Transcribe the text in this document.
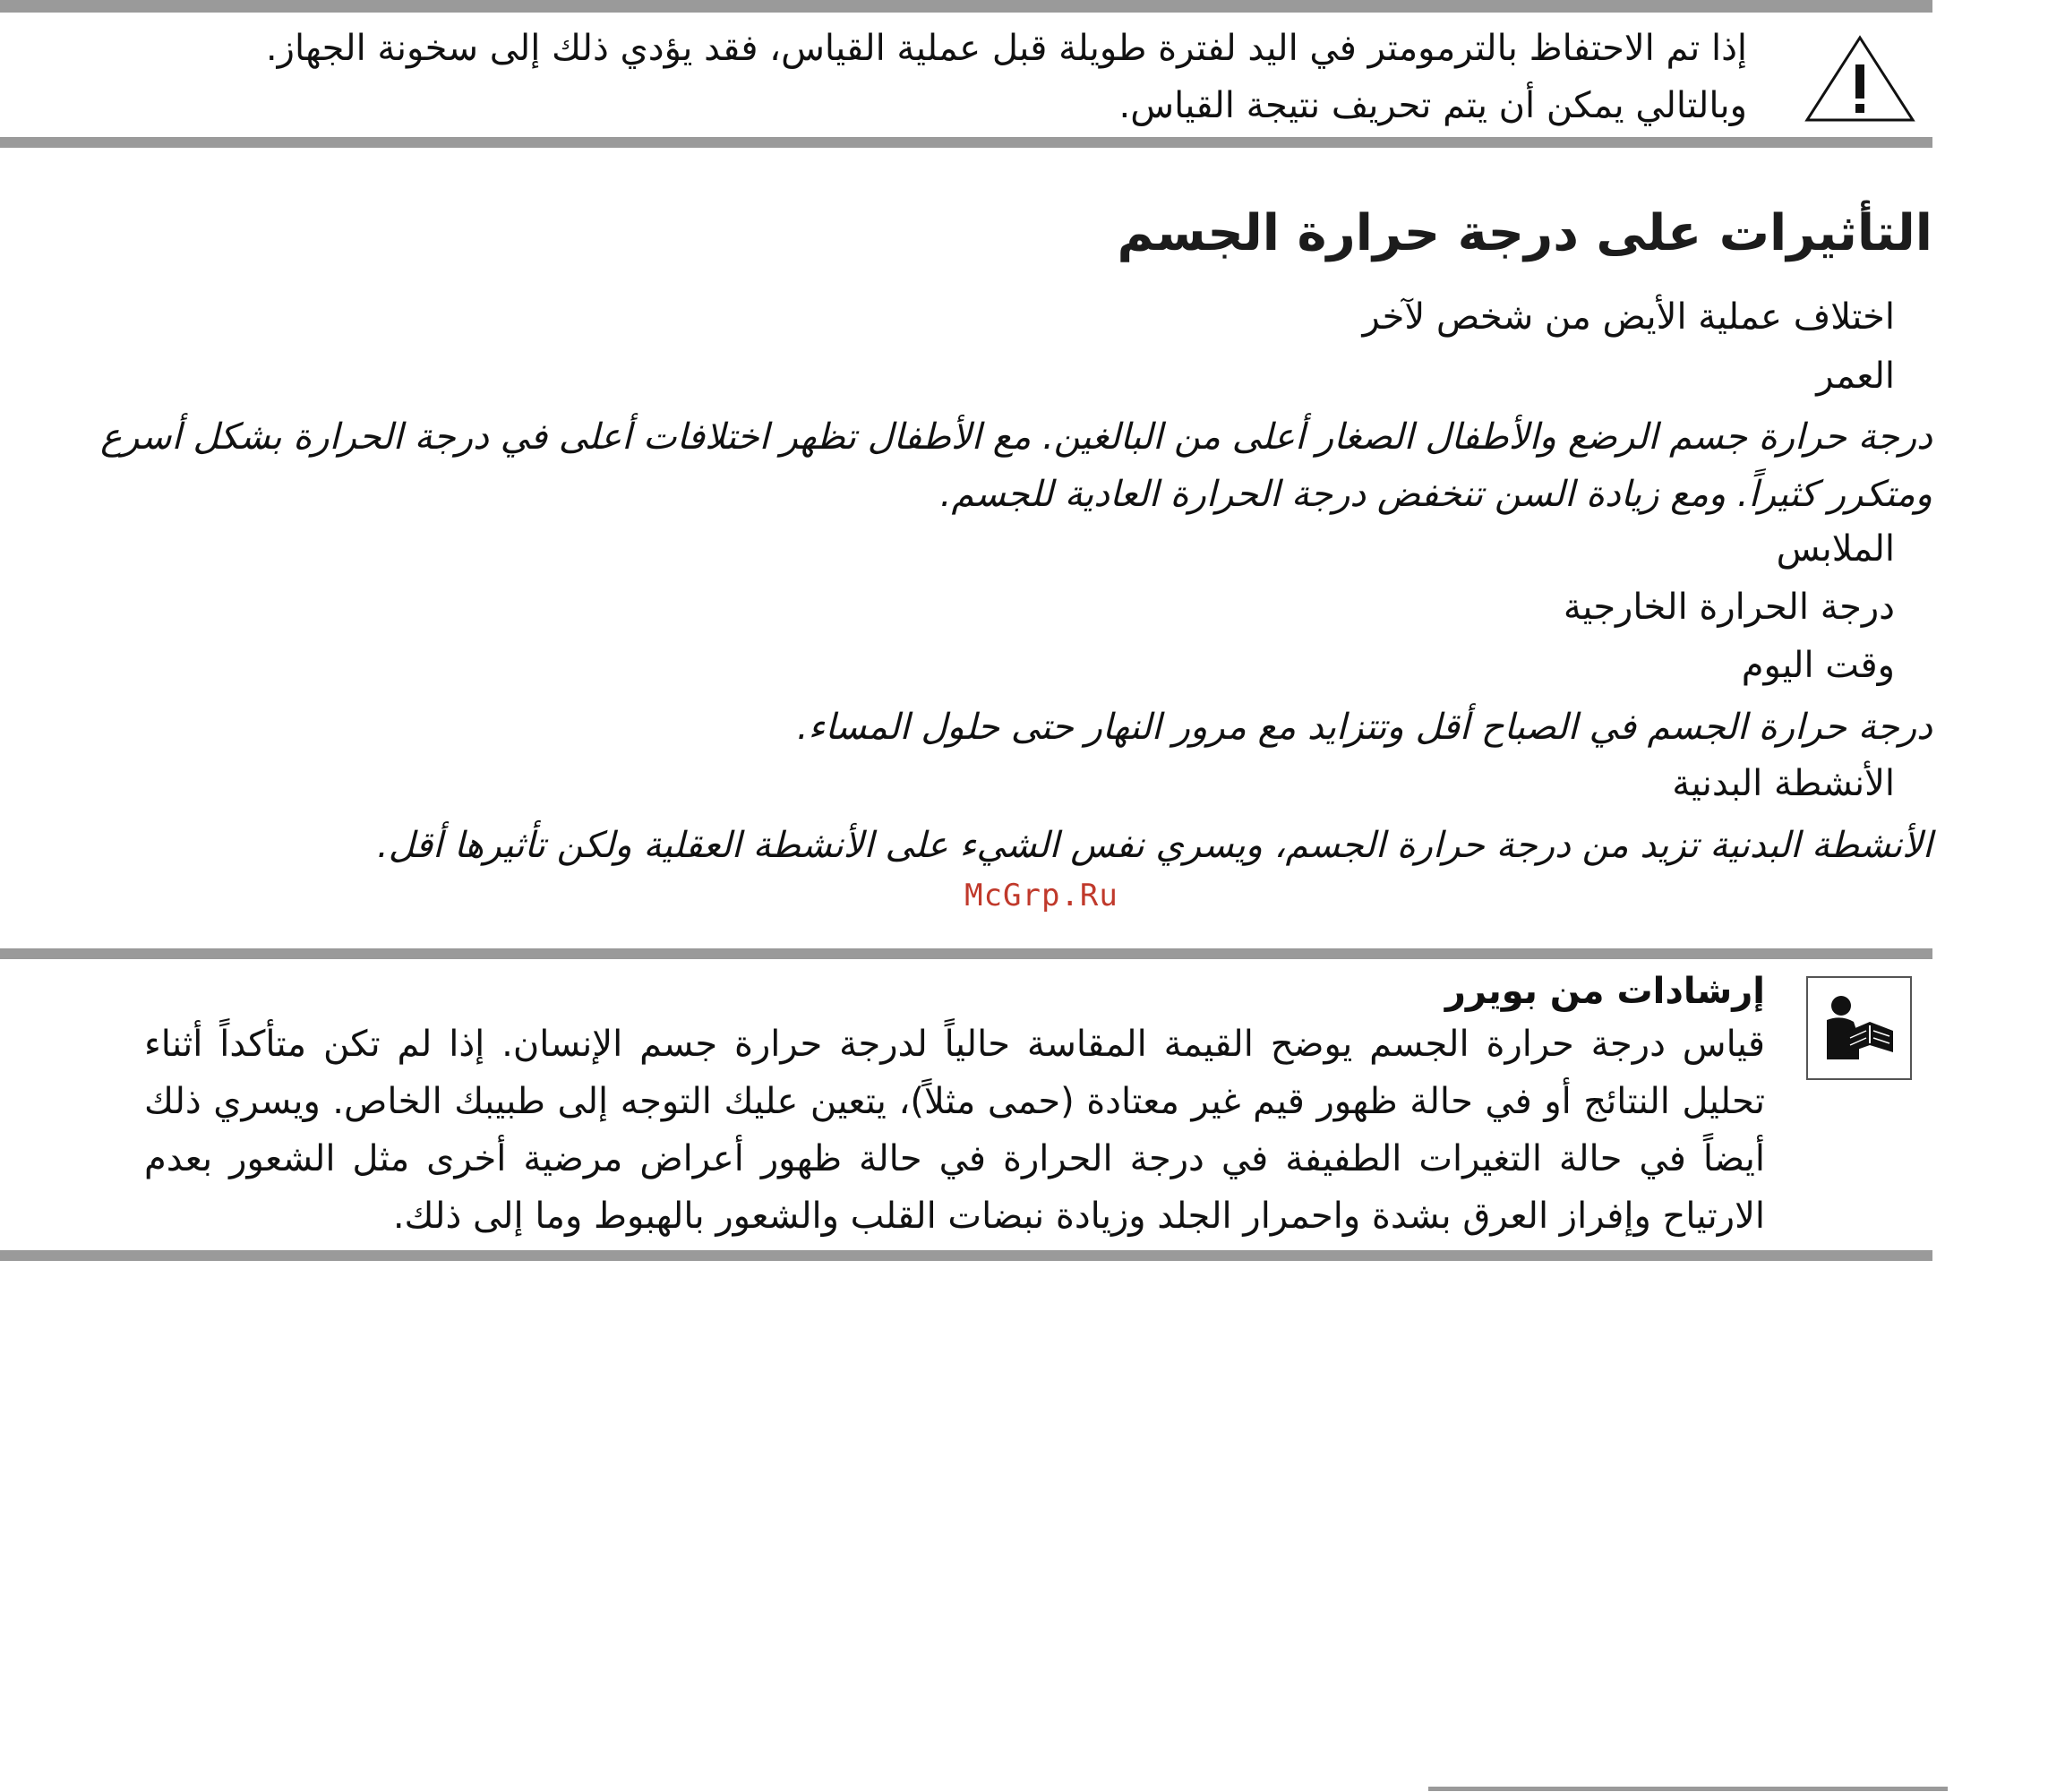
إذا تم الاحتفاظ بالترمومتر في اليد لفترة طويلة قبل عملية القياس، فقد يؤدي ذلك إلى سخونة الجهاز. وبالتالي يمكن أن يتم تحريف نتيجة القياس.
التأثيرات على درجة حرارة الجسم
اختلاف عملية الأيض من شخص لآخر
العمر
درجة حرارة جسم الرضع والأطفال الصغار أعلى من البالغين. مع الأطفال تظهر اختلافات أعلى في درجة الحرارة بشكل أسرع ومتكرر كثيراً. ومع زيادة السن تنخفض درجة الحرارة العادية للجسم.
الملابس
درجة الحرارة الخارجية
وقت اليوم
درجة حرارة الجسم في الصباح أقل وتتزايد مع مرور النهار حتى حلول المساء.
الأنشطة البدنية
الأنشطة البدنية تزيد من درجة حرارة الجسم، ويسري نفس الشيء على الأنشطة العقلية ولكن تأثيرها أقل.
McGrp.Ru
إرشادات من بويرر
قياس درجة حرارة الجسم يوضح القيمة المقاسة حالياً لدرجة حرارة جسم الإنسان. إذا لم تكن متأكداً أثناء تحليل النتائج أو في حالة ظهور قيم غير معتادة (حمى مثلاً)، يتعين عليك التوجه إلى طبيبك الخاص. ويسري ذلك أيضاً في حالة التغيرات الطفيفة في درجة الحرارة في حالة ظهور أعراض مرضية أخرى مثل الشعور بعدم الارتياح وإفراز العرق بشدة واحمرار الجلد وزيادة نبضات القلب والشعور بالهبوط وما إلى ذلك.
